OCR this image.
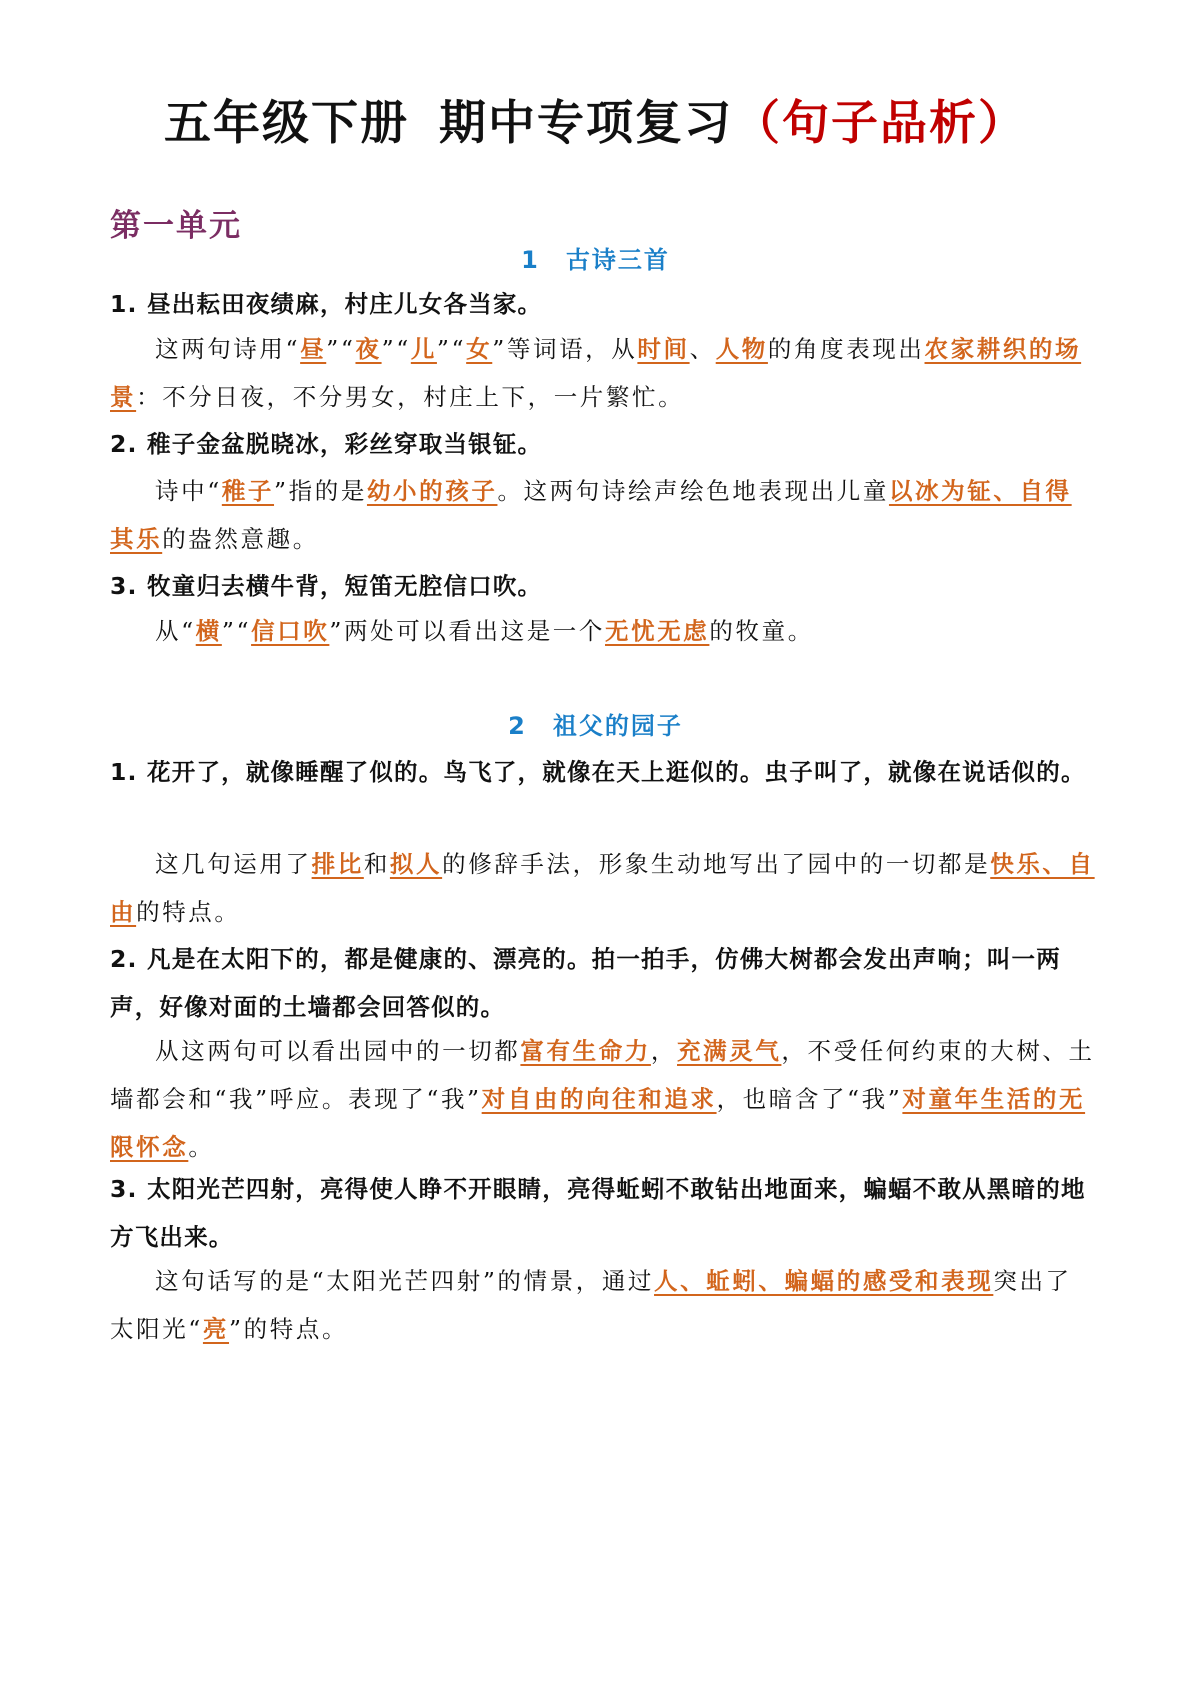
五年级下册 期中专项复习（句子品析）
第一单元
1 古诗三首
1. 昼出耘田夜绩麻，村庄儿女各当家。
这两句诗用“昼”“夜”“儿”“女”等词语，从时间、人物的角度表现出农家耕织的场景：不分日夜，不分男女，村庄上下，一片繁忙。
2. 稚子金盆脱晓冰，彩丝穿取当银钲。
诗中“稚子”指的是幼小的孩子。这两句诗绘声绘色地表现出儿童以冰为钲、自得其乐的盎然意趣。
3. 牧童归去横牛背，短笛无腔信口吹。
从“横”“信口吹”两处可以看出这是一个无忧无虑的牧童。
2 祖父的园子
1. 花开了，就像睡醒了似的。鸟飞了，就像在天上逛似的。虫子叫了，就像在说话似的。
这几句运用了排比和拟人的修辞手法，形象生动地写出了园中的一切都是快乐、自由的特点。
2. 凡是在太阳下的，都是健康的、漂亮的。拍一拍手，仿佛大树都会发出声响；叫一两声，好像对面的土墙都会回答似的。
从这两句可以看出园中的一切都富有生命力，充满灵气，不受任何约束的大树、土墙都会和“我”呼应。表现了“我”对自由的向往和追求，也暗含了“我”对童年生活的无限怀念。
3. 太阳光芒四射，亮得使人睁不开眼睛，亮得蚯蚓不敢钻出地面来，蝙蝠不敢从黑暗的地方飞出来。
这句话写的是“太阳光芒四射”的情景，通过人、蚯蚓、蝙蝠的感受和表现突出了太阳光“亮”的特点。
